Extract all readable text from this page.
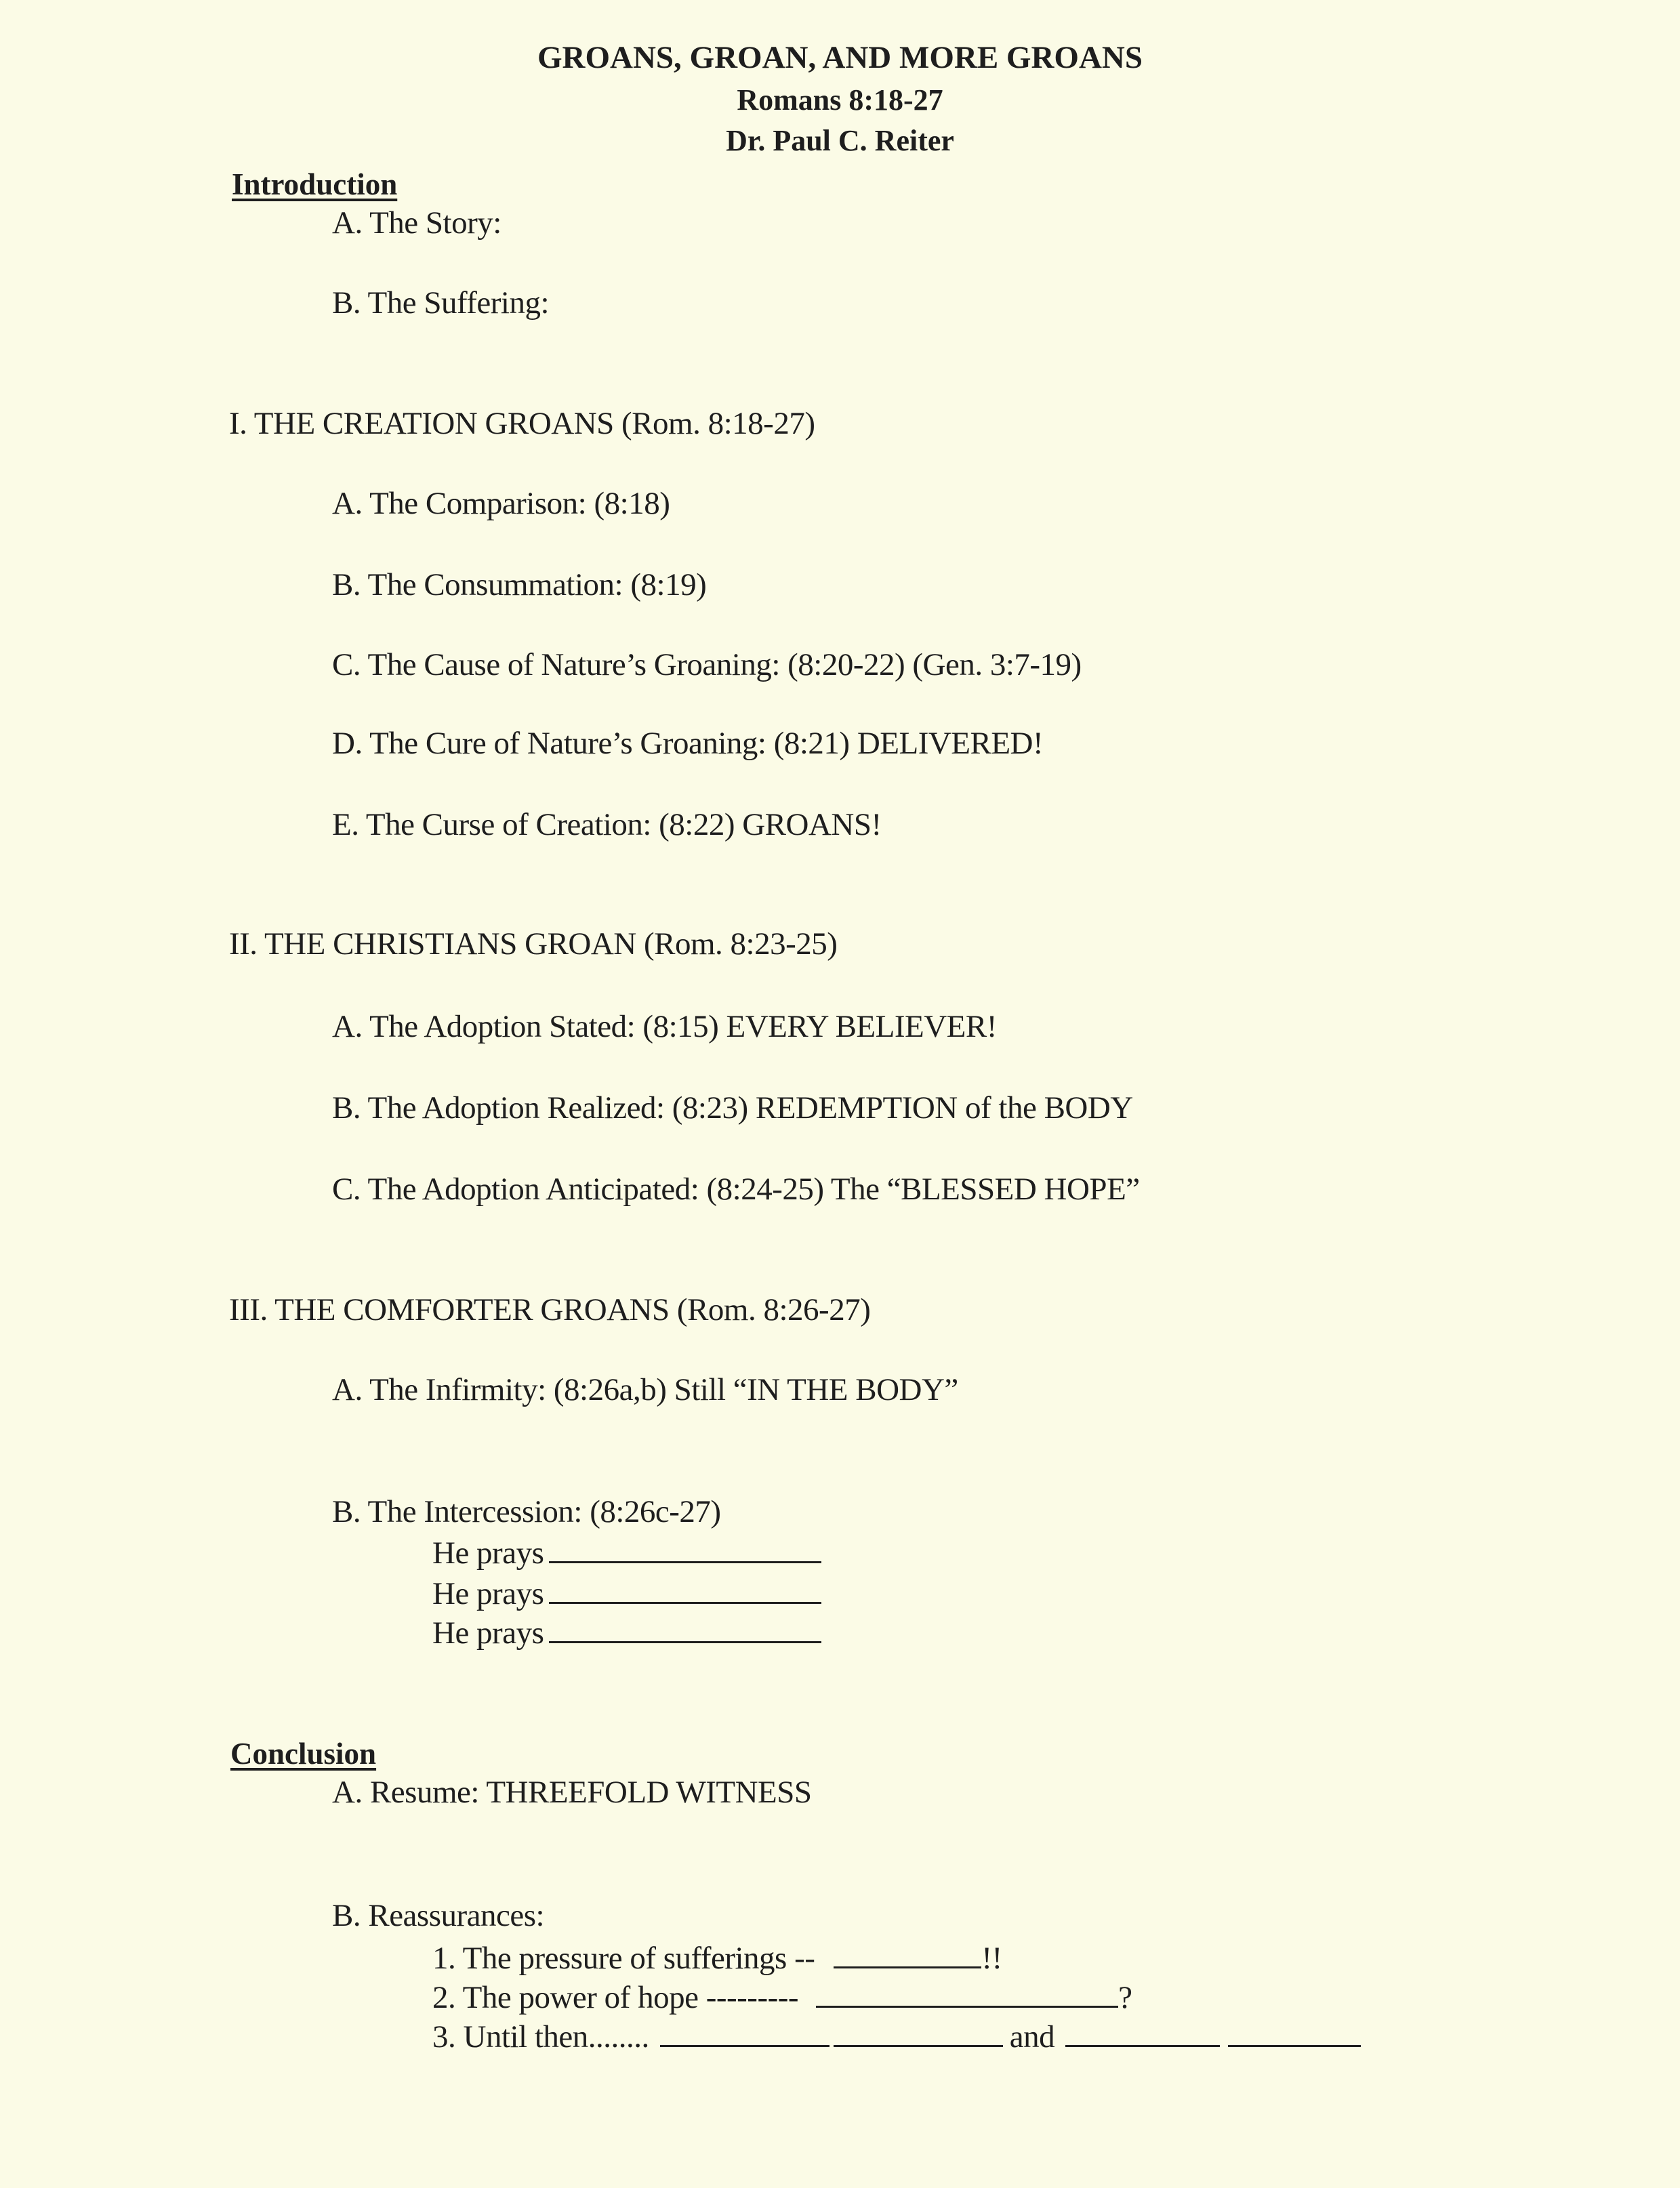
GROANS, GROAN, AND MORE GROANS
Romans 8:18-27
Dr. Paul C. Reiter
Introduction
A. The Story:
B. The Suffering:
I. THE CREATION GROANS (Rom. 8:18-27)
A. The Comparison: (8:18)
B. The Consummation: (8:19)
C. The Cause of Nature’s Groaning: (8:20-22) (Gen. 3:7-19)
D. The Cure of Nature’s Groaning: (8:21) DELIVERED!
E. The Curse of Creation: (8:22) GROANS!
II. THE CHRISTIANS GROAN (Rom. 8:23-25)
A. The Adoption Stated: (8:15) EVERY BELIEVER!
B. The Adoption Realized: (8:23) REDEMPTION of the BODY
C. The Adoption Anticipated: (8:24-25) The “BLESSED HOPE”
III. THE COMFORTER GROANS (Rom. 8:26-27)
A. The Infirmity: (8:26a,b) Still “IN THE BODY”
B. The Intercession: (8:26c-27)
He prays
He prays
He prays
Conclusion
A. Resume: THREEFOLD WITNESS
B. Reassurances:
1. The pressure of sufferings --	!!
2. The power of hope ---------	?
3. Until then........	and
